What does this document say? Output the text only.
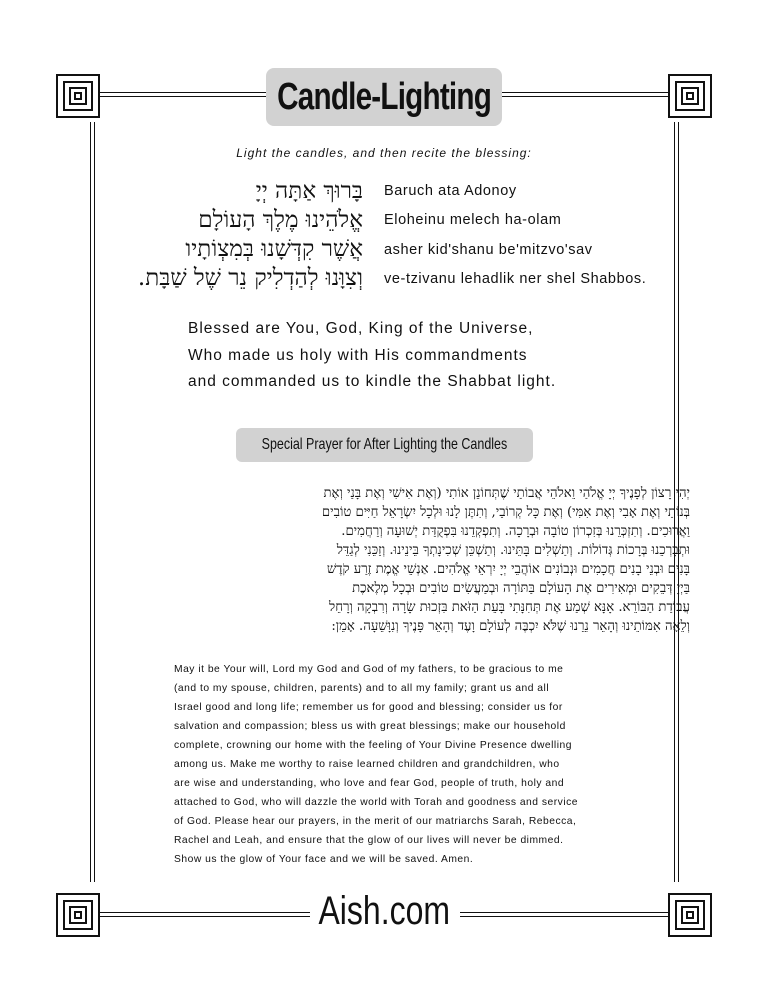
Candle-Lighting
Light the candles, and then recite the blessing:
בָּרוּךְ אַתָּה יְיָ
אֱלֹהֵינוּ מֶלֶךְ הָעוֹלָם
אֲשֶׁר קִדְּשָׁנוּ בְּמִצְוֹתָיו
וְצִוָּנוּ לְהַדְלִיק נֵר שֶׁל שַׁבָּת.
Baruch ata Adonoy
Eloheinu melech ha-olam
asher kid'shanu be'mitzvo'sav
ve-tzivanu lehadlik ner shel Shabbos.
Blessed are You, God, King of the Universe,
Who made us holy with His commandments
and commanded us to kindle the Shabbat light.
Special Prayer for After Lighting the Candles
יְהִי רָצוֹן לְפָנֶיךָ יְיָ אֱלֹהַי וֵאלֹהֵי אֲבוֹתַי שֶׁתְּחוֹנֵן אוֹתִי (וְאֶת אִישִׁי וְאֶת בָּנַי וְאֶת
בְּנוֹתַי וְאֶת אָבִי וְאֶת אִמִּי) וְאֶת כָּל קְרוֹבַי, וְתִתֶּן לָנוּ וּלְכָל יִשְׂרָאֵל חַיִּים טוֹבִים
וַאֲרוּכִים. וְתִזְכְּרֵנוּ בְּזִכְרוֹן טוֹבָה וּבְרָכָה. וְתִפְקְדֵנוּ בִּפְקֻדַּת יְשׁוּעָה וְרַחֲמִים.
וּתְבָרְכֵנוּ בְּרָכוֹת גְּדוֹלוֹת. וְתַשְׁלִים בָּתֵּינוּ. וְתַשְׁכֵּן שְׁכִינָתְךָ בֵּינֵינוּ. וְזַכֵּנִי לְגַדֵּל
בָּנִים וּבְנֵי בָנִים חֲכָמִים וּנְבוֹנִים אוֹהֲבֵי יְיָ יִרְאֵי אֱלֹהִים. אַנְשֵׁי אֱמֶת זֶרַע קֹדֶשׁ
בַּיְיָ דְּבֵקִים וּמְאִירִים אֶת הָעוֹלָם בַּתּוֹרָה וּבְמַעֲשִׂים טוֹבִים וּבְכָל מְלֶאכֶת
עֲבוֹדַת הַבּוֹרֵא. אָנָּא שְׁמַע אֶת תְּחִנָּתִי בָּעֵת הַזֹּאת בִּזְכוּת שָׂרָה וְרִבְקָה וְרָחֵל
וְלֵאָה אִמּוֹתֵינוּ וְהָאֵר נֵרֵנוּ שֶׁלֹּא יִכְבֶּה לְעוֹלָם וָעֶד וְהָאֵר פָּנֶיךָ וְנִוָּשֵׁעָה. אָמֵן:
May it be Your will, Lord my God and God of my fathers, to be gracious to me
(and to my spouse, children, parents) and to all my family; grant us and all
Israel good and long life; remember us for good and blessing; consider us for
salvation and compassion; bless us with great blessings; make our household
complete, crowning our home with the feeling of Your Divine Presence dwelling
among us. Make me worthy to raise learned children and grandchildren, who
are wise and understanding, who love and fear God, people of truth, holy and
attached to God, who will dazzle the world with Torah and goodness and service
of God. Please hear our prayers, in the merit of our matriarchs Sarah, Rebecca,
Rachel and Leah, and ensure that the glow of our lives will never be dimmed.
Show us the glow of Your face and we will be saved. Amen.
Aish.com
